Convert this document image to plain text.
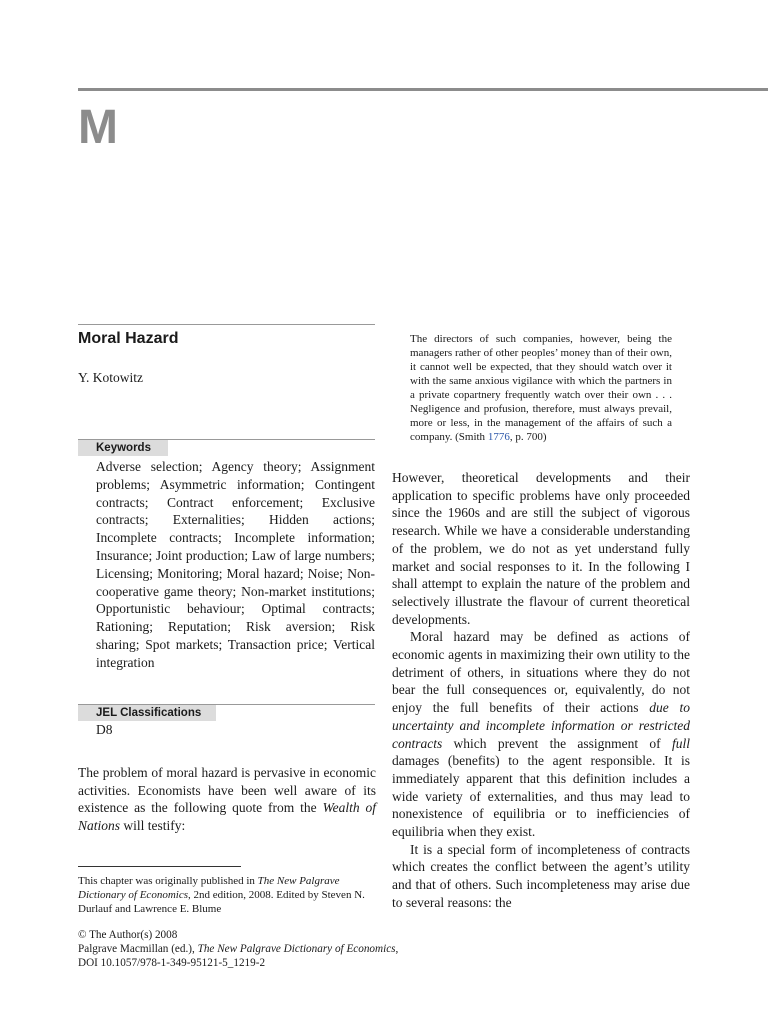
M
Moral Hazard
Y. Kotowitz
Keywords

Adverse selection; Agency theory; Assignment problems; Asymmetric information; Contingent contracts; Contract enforcement; Exclusive contracts; Externalities; Hidden actions; Incomplete contracts; Incomplete information; Insurance; Joint production; Law of large numbers; Licensing; Monitoring; Moral hazard; Noise; Non-cooperative game theory; Non-market institutions; Opportunistic behaviour; Optimal contracts; Rationing; Reputation; Risk aversion; Risk sharing; Spot markets; Transaction price; Vertical integration

JEL Classifications
D8

The problem of moral hazard is pervasive in economic activities. Economists have been well aware of its existence as the following quote from the Wealth of Nations will testify:

This chapter was originally published in The New Palgrave Dictionary of Economics, 2nd edition, 2008. Edited by Steven N. Durlauf and Lawrence E. Blume

© The Author(s) 2008
Palgrave Macmillan (ed.), The New Palgrave Dictionary of Economics,
DOI 10.1057/978-1-349-95121-5_1219-2

The directors of such companies, however, being the managers rather of other peoples’ money than of their own, it cannot well be expected, that they should watch over it with the same anxious vigilance with which the partners in a private copartnery frequently watch over their own . . . Negligence and profusion, therefore, must always prevail, more or less, in the management of the affairs of such a company. (Smith 1776, p. 700)

However, theoretical developments and their application to specific problems have only proceeded since the 1960s and are still the subject of vigorous research. While we have a considerable understanding of the problem, we do not as yet understand fully market and social responses to it. In the following I shall attempt to explain the nature of the problem and selectively illustrate the flavour of current theoretical developments.

Moral hazard may be defined as actions of economic agents in maximizing their own utility to the detriment of others, in situations where they do not bear the full consequences or, equivalently, do not enjoy the full benefits of their actions due to uncertainty and incomplete information or restricted contracts which prevent the assignment of full damages (benefits) to the agent responsible. It is immediately apparent that this definition includes a wide variety of externalities, and thus may lead to nonexistence of equilibria or to inefficiencies of equilibria when they exist.

It is a special form of incompleteness of contracts which creates the conflict between the agent’s utility and that of others. Such incompleteness may arise due to several reasons: the
